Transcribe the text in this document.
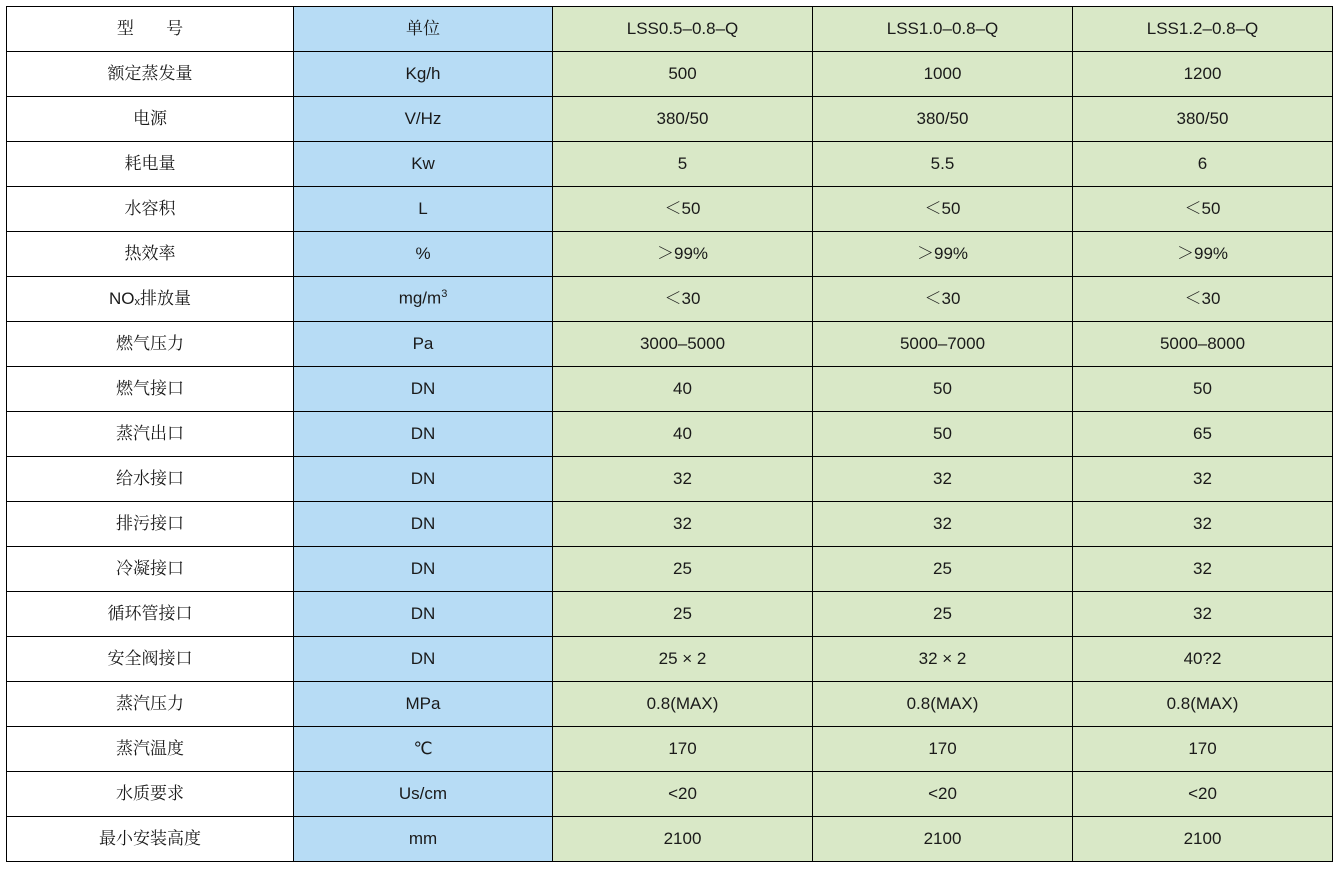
型　号	单位	LSS0.5–0.8–Q	LSS1.0–0.8–Q	LSS1.2–0.8–Q
额定蒸发量	Kg/h	500	1000	1200
电源	V/Hz	380/50	380/50	380/50
耗电量	Kw	5	5.5	6
水容积	L	＜50	＜50	＜50
热效率	%	＞99%	＞99%	＞99%
NOx排放量	$mg/m^3$	＜30	＜30	＜30
燃气压力	Pa	3000–5000	5000–7000	5000–8000
燃气接口	DN	40	50	50
蒸汽出口	DN	40	50	65
给水接口	DN	32	32	32
排污接口	DN	32	32	32
冷凝接口	DN	25	25	32
循环管接口	DN	25	25	32
安全阀接口	DN	25 × 2	32 × 2	40?2
蒸汽压力	MPa	0.8(MAX)	0.8(MAX)	0.8(MAX)
蒸汽温度	℃	170	170	170
水质要求	Us/cm	<20	<20	<20
最小安装高度	mm	2100	2100	2100
